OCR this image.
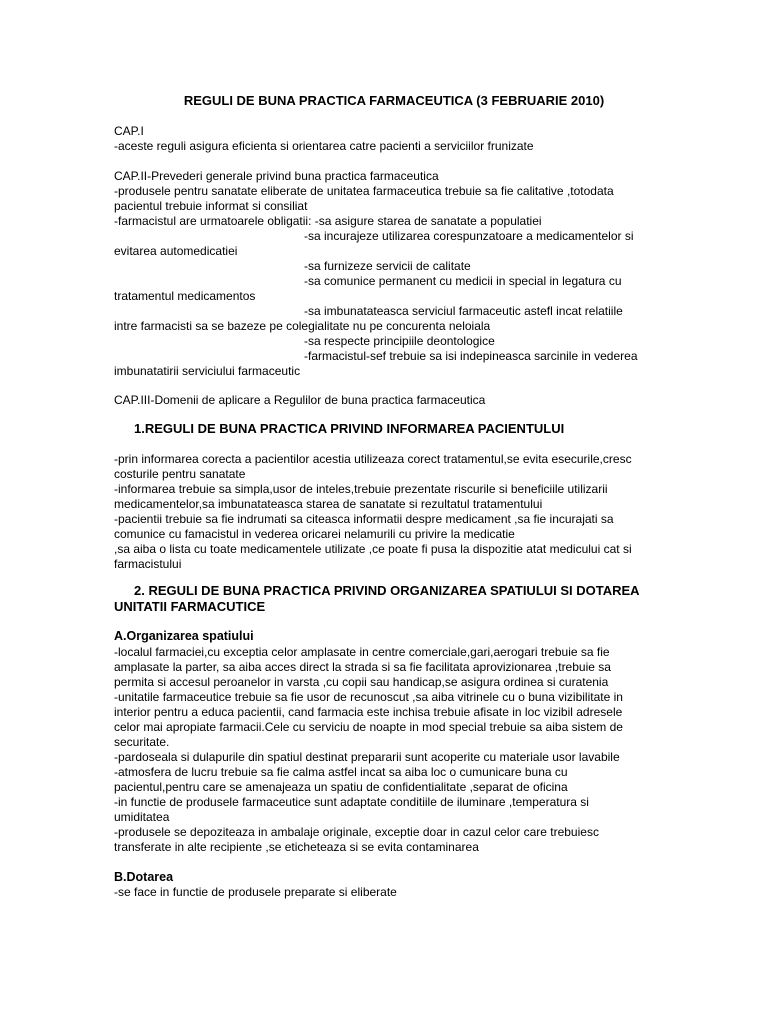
REGULI DE BUNA PRACTICA FARMACEUTICA (3 FEBRUARIE 2010)
CAP.I
-aceste reguli asigura eficienta si orientarea catre pacienti a serviciilor frunizate
CAP.II-Prevederi generale privind buna practica farmaceutica
-produsele pentru sanatate eliberate de unitatea farmaceutica trebuie sa fie calitative ,totodata
pacientul trebuie informat si consiliat
-farmacistul are urmatoarele obligatii: -sa asigure starea de sanatate a populatiei
-sa incurajeze utilizarea corespunzatoare a medicamentelor si
evitarea automedicatiei
-sa furnizeze servicii de calitate
-sa comunice permanent cu medicii in special in legatura cu
tratamentul medicamentos
-sa imbunatateasca serviciul farmaceutic astefl incat relatiile
intre farmacisti sa se bazeze pe colegialitate nu pe concurenta neloiala
-sa respecte principiile deontologice
-farmacistul-sef trebuie sa isi indepineasca sarcinile in vederea
imbunatatirii serviciului farmaceutic
CAP.III-Domenii de aplicare a Regulilor de buna practica farmaceutica
1.REGULI DE BUNA PRACTICA PRIVIND INFORMAREA PACIENTULUI
-prin informarea corecta a pacientilor acestia utilizeaza corect tratamentul,se evita esecurile,cresc
costurile pentru sanatate
-informarea trebuie sa simpla,usor de inteles,trebuie prezentate riscurile si beneficiile utilizarii
medicamentelor,sa imbunatateasca starea de sanatate si rezultatul tratamentului
-pacientii trebuie sa fie indrumati sa citeasca informatii despre medicament ,sa fie incurajati sa
comunice cu famacistul in vederea oricarei nelamurili cu privire la medicatie
,sa aiba o lista cu toate medicamentele utilizate ,ce poate fi pusa la dispozitie atat medicului cat si
farmacistului
2. REGULI DE BUNA PRACTICA PRIVIND ORGANIZAREA SPATIULUI SI DOTAREA
UNITATII FARMACUTICE
A.Organizarea spatiului
-localul farmaciei,cu exceptia celor amplasate in centre comerciale,gari,aerogari trebuie sa fie
amplasate la parter, sa aiba acces direct la strada si sa fie facilitata aprovizionarea ,trebuie sa
permita si accesul peroanelor in varsta ,cu copii sau handicap,se asigura ordinea si curatenia
-unitatile farmaceutice trebuie sa fie usor de recunoscut ,sa aiba vitrinele cu o buna vizibilitate in
interior pentru a educa pacientii, cand farmacia este inchisa trebuie afisate in loc vizibil adresele
celor mai apropiate farmacii.Cele cu serviciu de noapte in mod special trebuie sa aiba sistem de
securitate.
-pardoseala si dulapurile din spatiul destinat prepararii sunt acoperite cu materiale usor lavabile
-atmosfera de lucru trebuie sa fie calma astfel incat sa aiba loc o cumunicare buna cu
pacientul,pentru care se amenajeaza un spatiu de confidentialitate ,separat de oficina
-in functie de produsele farmaceutice sunt adaptate conditiile de iluminare ,temperatura si
umiditatea
-produsele se depoziteaza in ambalaje originale, exceptie doar in cazul celor care trebuiesc
transferate in alte recipiente ,se eticheteaza si se evita contaminarea
B.Dotarea
-se face in functie de produsele preparate si eliberate
